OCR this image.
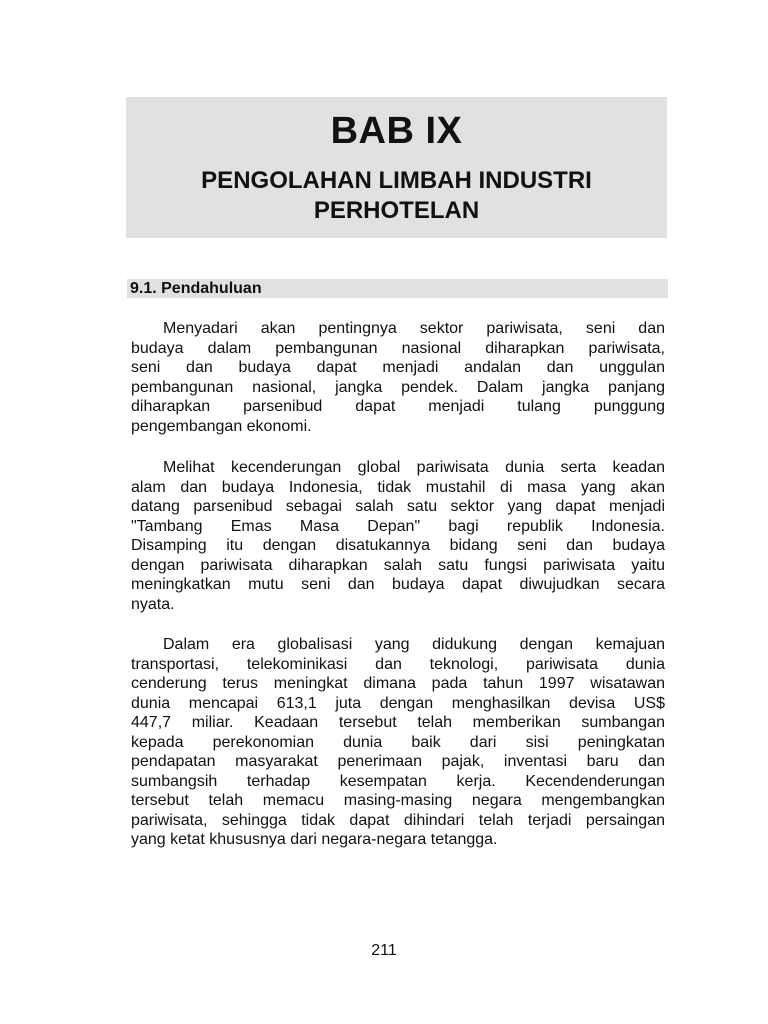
BAB IX
PENGOLAHAN LIMBAH INDUSTRI
PERHOTELAN
9.1. Pendahuluan
Menyadari akan pentingnya sektor pariwisata, seni dan
budaya dalam pembangunan nasional diharapkan pariwisata,
seni dan budaya dapat menjadi andalan dan unggulan
pembangunan nasional, jangka pendek. Dalam jangka panjang
diharapkan parsenibud dapat menjadi tulang punggung
pengembangan ekonomi.
Melihat kecenderungan global pariwisata dunia serta keadan
alam dan budaya Indonesia, tidak mustahil di masa yang akan
datang parsenibud sebagai salah satu sektor yang dapat menjadi
"Tambang Emas Masa Depan" bagi republik Indonesia.
Disamping itu dengan disatukannya bidang seni dan budaya
dengan pariwisata diharapkan salah satu fungsi pariwisata yaitu
meningkatkan mutu seni dan budaya dapat diwujudkan secara
nyata.
Dalam era globalisasi yang didukung dengan kemajuan
transportasi, telekominikasi dan teknologi, pariwisata dunia
cenderung terus meningkat dimana pada tahun 1997 wisatawan
dunia mencapai 613,1 juta dengan menghasilkan devisa US$
447,7 miliar. Keadaan tersebut telah memberikan sumbangan
kepada perekonomian dunia baik dari sisi peningkatan
pendapatan masyarakat penerimaan pajak, inventasi baru dan
sumbangsih terhadap kesempatan kerja. Kecendenderungan
tersebut telah memacu masing-masing negara mengembangkan
pariwisata, sehingga tidak dapat dihindari telah terjadi persaingan
yang ketat khususnya dari negara-negara tetangga.
211
